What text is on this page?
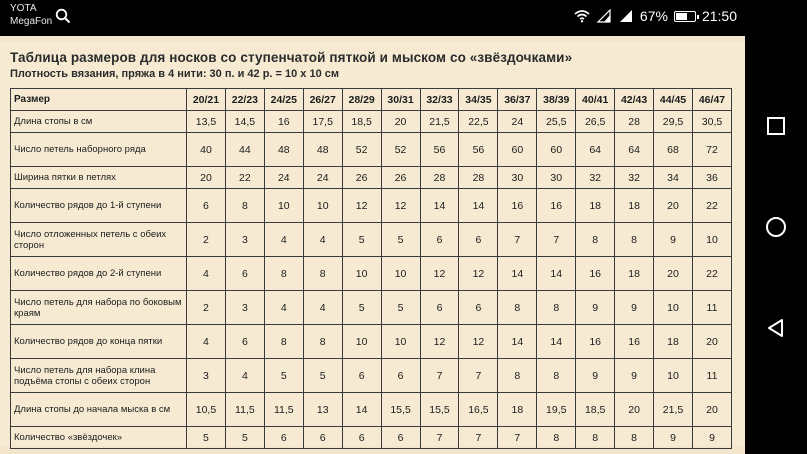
YOTA
MegaFon	67% 21:50
Таблица размеров для носков со ступенчатой пяткой и мыском со «звёздочками»
Плотность вязания, пряжа в 4 нити: 30 п. и 42 р. = 10 х 10 см
Размер	20/21	22/23	24/25	26/27	28/29	30/31	32/33	34/35	36/37	38/39	40/41	42/43	44/45	46/47
Длина стопы в см	13,5	14,5	16	17,5	18,5	20	21,5	22,5	24	25,5	26,5	28	29,5	30,5
Число петель наборного ряда	40	44	48	48	52	52	56	56	60	60	64	64	68	72
Ширина пятки в петлях	20	22	24	24	26	26	28	28	30	30	32	32	34	36
Количество рядов до 1-й ступени	6	8	10	10	12	12	14	14	16	16	18	18	20	22
Число отложенных петель с обеих сторон	2	3	4	4	5	5	6	6	7	7	8	8	9	10
Количество рядов до 2-й ступени	4	6	8	8	10	10	12	12	14	14	16	18	20	22
Число петель для набора по боковым краям	2	3	4	4	5	5	6	6	8	8	9	9	10	11
Количество рядов до конца пятки	4	6	8	8	10	10	12	12	14	14	16	16	18	20
Число петель для набора клина подъёма стопы с обеих сторон	3	4	5	5	6	6	7	7	8	8	9	9	10	11
Длина стопы до начала мыска в см	10,5	11,5	11,5	13	14	15,5	15,5	16,5	18	19,5	18,5	20	21,5	20
Количество «звёздочек»	5	5	6	6	6	6	7	7	7	8	8	8	9	9
